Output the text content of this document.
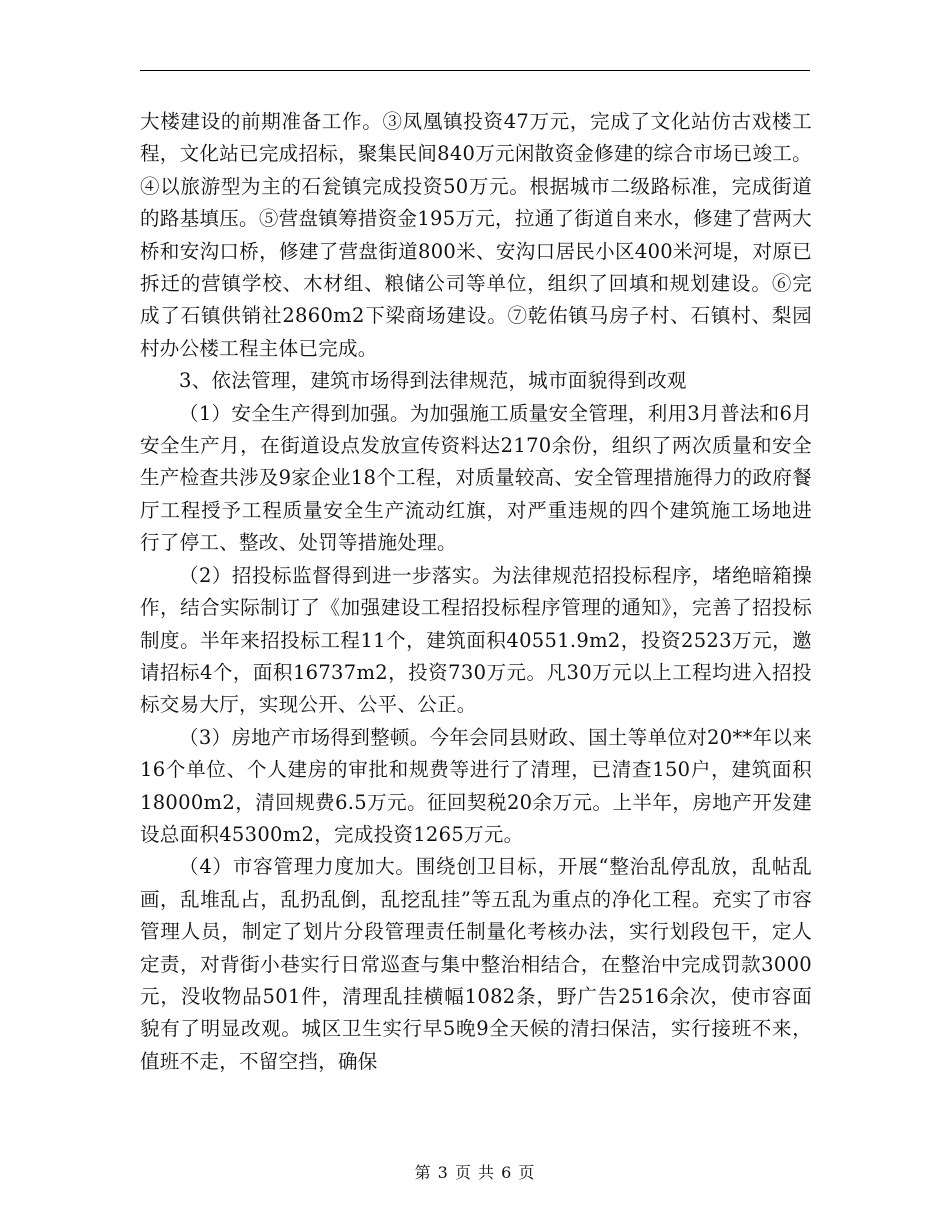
大楼建设的前期准备工作。③凤凰镇投资47万元，完成了文化站仿古戏楼工程，文化站已完成招标，聚集民间840万元闲散资金修建的综合市场已竣工。④以旅游型为主的石瓮镇完成投资50万元。根据城市二级路标准，完成街道的路基填压。⑤营盘镇筹措资金195万元，拉通了街道自来水，修建了营两大桥和安沟口桥，修建了营盘街道800米、安沟口居民小区400米河堤，对原已拆迁的营镇学校、木材组、粮储公司等单位，组织了回填和规划建设。⑥完成了石镇供销社2860m2下梁商场建设。⑦乾佑镇马房子村、石镇村、梨园村办公楼工程主体已完成。

3、依法管理，建筑市场得到法律规范，城市面貌得到改观

（1）安全生产得到加强。为加强施工质量安全管理，利用3月普法和6月安全生产月，在街道设点发放宣传资料达2170余份，组织了两次质量和安全生产检查共涉及9家企业18个工程，对质量较高、安全管理措施得力的政府餐厅工程授予工程质量安全生产流动红旗，对严重违规的四个建筑施工场地进行了停工、整改、处罚等措施处理。

（2）招投标监督得到进一步落实。为法律规范招投标程序，堵绝暗箱操作，结合实际制订了《加强建设工程招投标程序管理的通知》，完善了招投标制度。半年来招投标工程11个，建筑面积40551.9m2，投资2523万元，邀请招标4个，面积16737m2，投资730万元。凡30万元以上工程均进入招投标交易大厅，实现公开、公平、公正。

（3）房地产市场得到整顿。今年会同县财政、国土等单位对20**年以来16个单位、个人建房的审批和规费等进行了清理，已清查150户，建筑面积18000m2，清回规费6.5万元。征回契税20余万元。上半年，房地产开发建设总面积45300m2，完成投资1265万元。

（4）市容管理力度加大。围绕创卫目标，开展“整治乱停乱放，乱帖乱画，乱堆乱占，乱扔乱倒，乱挖乱挂”等五乱为重点的净化工程。充实了市容管理人员，制定了划片分段管理责任制量化考核办法，实行划段包干，定人定责，对背街小巷实行日常巡查与集中整治相结合，在整治中完成罚款3000元，没收物品501件，清理乱挂横幅1082条，野广告2516余次，使市容面貌有了明显改观。城区卫生实行早5晚9全天候的清扫保洁，实行接班不来，值班不走，不留空挡，确保

第 3 页 共 6 页
